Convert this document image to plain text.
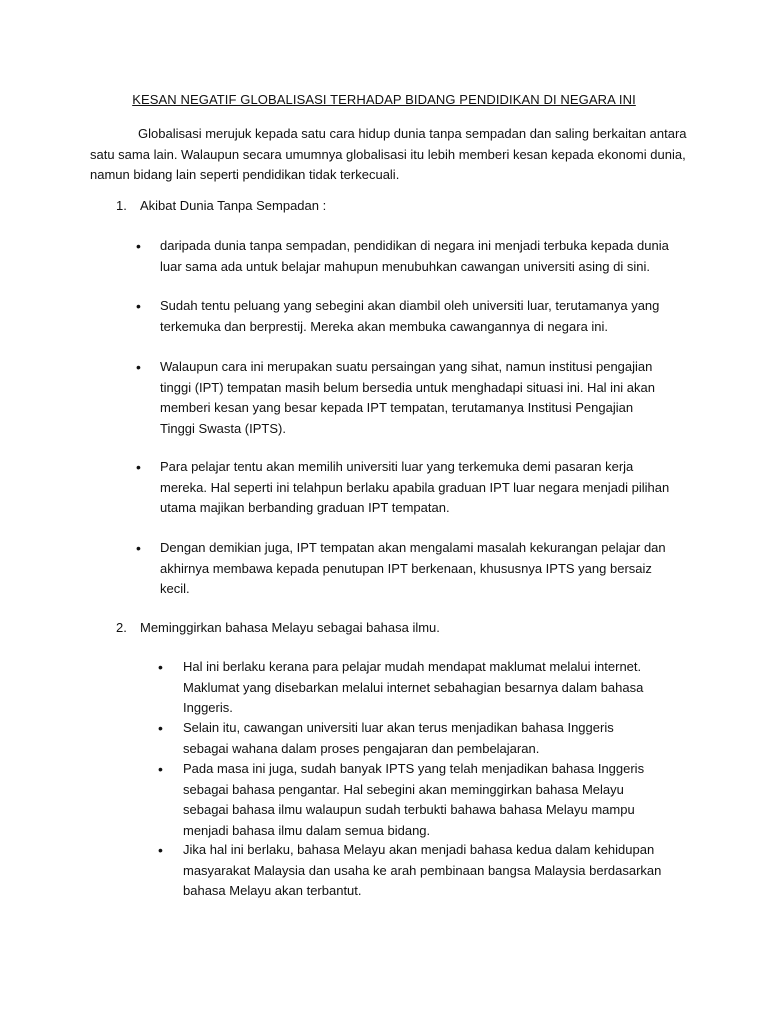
KESAN NEGATIF GLOBALISASI TERHADAP BIDANG PENDIDIKAN DI NEGARA INI
Globalisasi merujuk kepada satu cara hidup dunia tanpa sempadan dan saling berkaitan antara satu sama lain. Walaupun secara umumnya globalisasi itu lebih memberi kesan kepada ekonomi dunia, namun bidang lain seperti pendidikan tidak terkecuali.
1. Akibat Dunia Tanpa Sempadan :
• daripada dunia tanpa sempadan, pendidikan di negara ini menjadi terbuka kepada dunia luar sama ada untuk belajar mahupun menubuhkan cawangan universiti asing di sini.
• Sudah tentu peluang yang sebegini akan diambil oleh universiti luar, terutamanya yang terkemuka dan berprestij. Mereka akan membuka cawangannya di negara ini.
• Walaupun cara ini merupakan suatu persaingan yang sihat, namun institusi pengajian tinggi (IPT) tempatan masih belum bersedia untuk menghadapi situasi ini. Hal ini akan memberi kesan yang besar kepada IPT tempatan, terutamanya Institusi Pengajian Tinggi Swasta (IPTS).
• Para pelajar tentu akan memilih universiti luar yang terkemuka demi pasaran kerja mereka. Hal seperti ini telahpun berlaku apabila graduan IPT luar negara menjadi pilihan utama majikan berbanding graduan IPT tempatan.
• Dengan demikian juga, IPT tempatan akan mengalami masalah kekurangan pelajar dan akhirnya membawa kepada penutupan IPT berkenaan, khususnya IPTS yang bersaiz kecil.
2. Meminggirkan bahasa Melayu sebagai bahasa ilmu.
• Hal ini berlaku kerana para pelajar mudah mendapat maklumat melalui internet. Maklumat yang disebarkan melalui internet sebahagian besarnya dalam bahasa Inggeris.
• Selain itu, cawangan universiti luar akan terus menjadikan bahasa Inggeris sebagai wahana dalam proses pengajaran dan pembelajaran.
• Pada masa ini juga, sudah banyak IPTS yang telah menjadikan bahasa Inggeris sebagai bahasa pengantar. Hal sebegini akan meminggirkan bahasa Melayu sebagai bahasa ilmu walaupun sudah terbukti bahawa bahasa Melayu mampu menjadi bahasa ilmu dalam semua bidang.
• Jika hal ini berlaku, bahasa Melayu akan menjadi bahasa kedua dalam kehidupan masyarakat Malaysia dan usaha ke arah pembinaan bangsa Malaysia berdasarkan bahasa Melayu akan terbantut.
